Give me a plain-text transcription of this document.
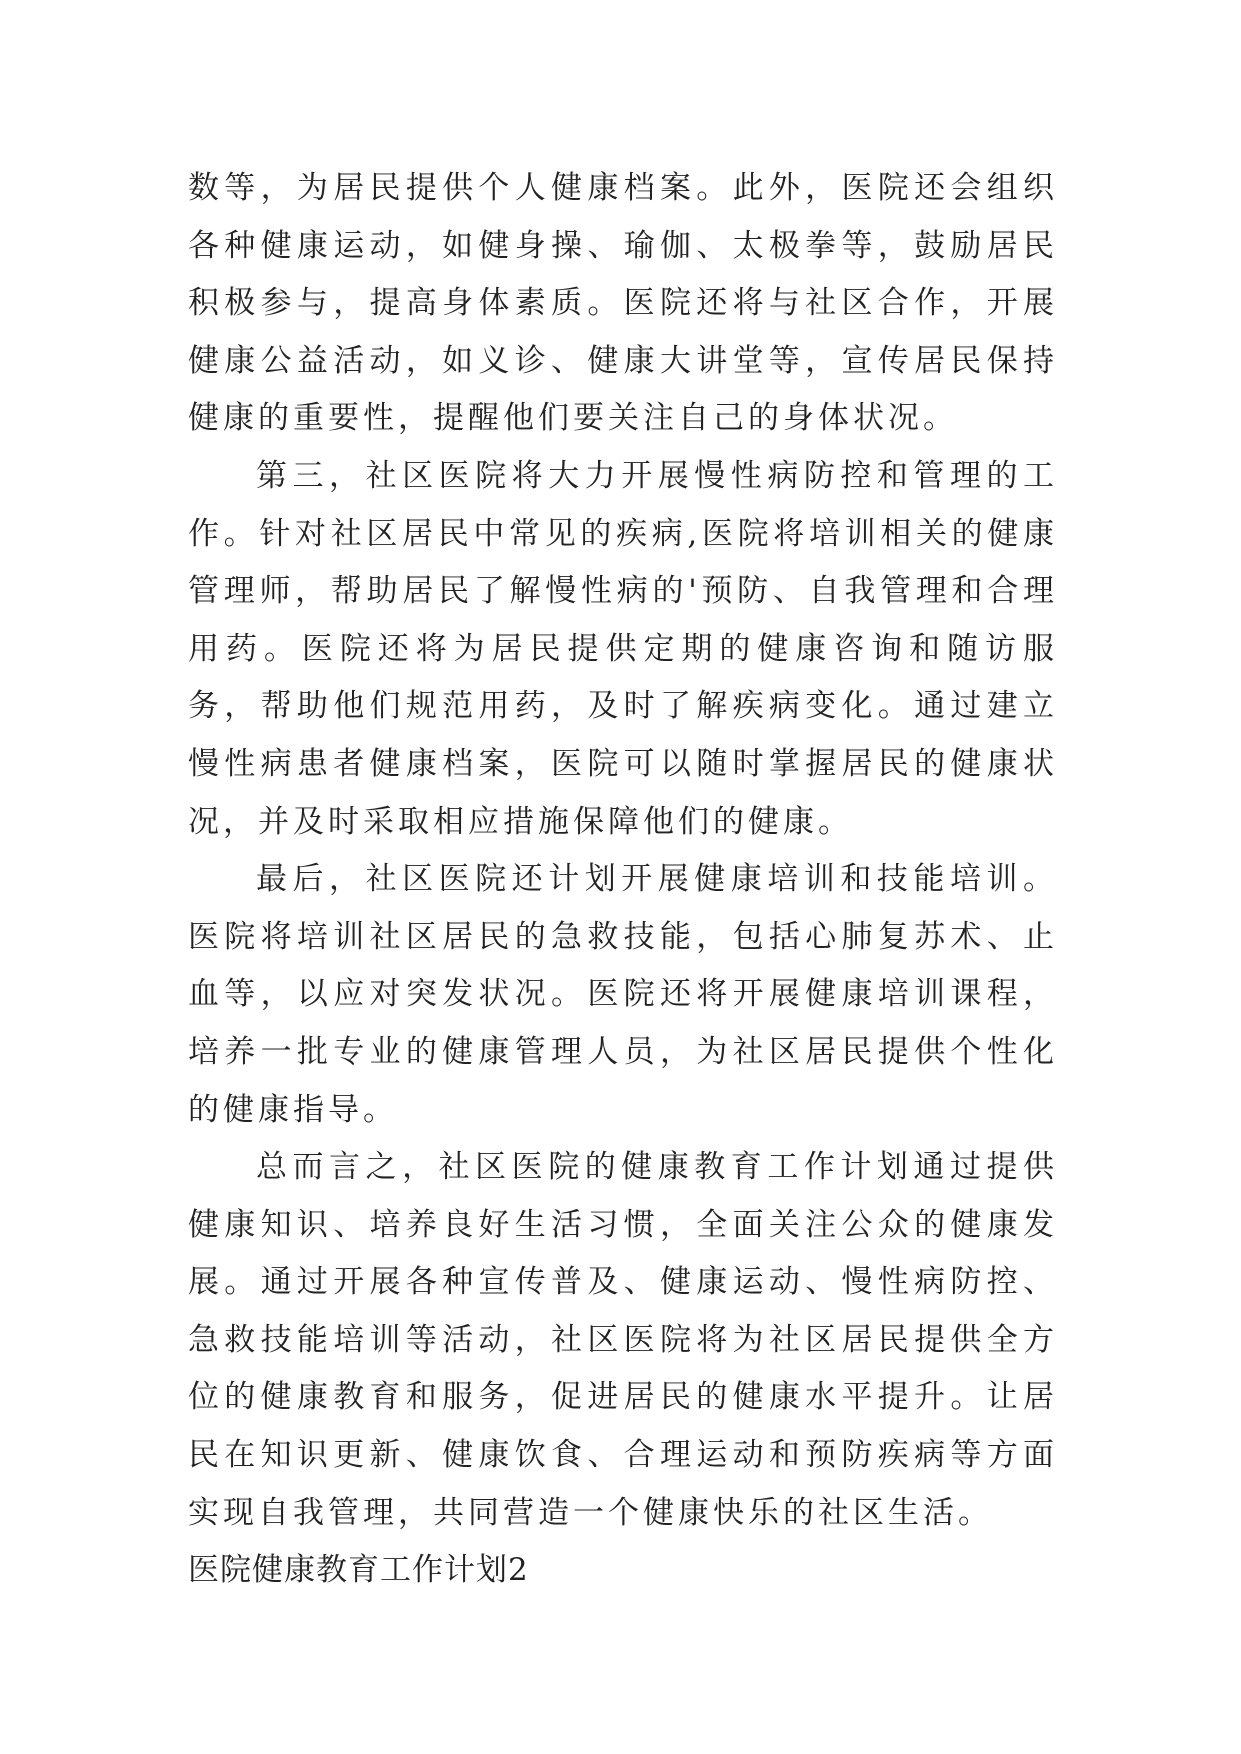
数等，为居民提供个人健康档案。此外，医院还会组织各种健康运动，如健身操、瑜伽、太极拳等，鼓励居民积极参与，提高身体素质。医院还将与社区合作，开展健康公益活动，如义诊、健康大讲堂等，宣传居民保持健康的重要性，提醒他们要关注自己的身体状况。

第三，社区医院将大力开展慢性病防控和管理的工作。针对社区居民中常见的疾病,医院将培训相关的健康管理师，帮助居民了解慢性病的'预防、自我管理和合理用药。医院还将为居民提供定期的健康咨询和随访服务，帮助他们规范用药，及时了解疾病变化。通过建立慢性病患者健康档案，医院可以随时掌握居民的健康状况，并及时采取相应措施保障他们的健康。

最后，社区医院还计划开展健康培训和技能培训。医院将培训社区居民的急救技能，包括心肺复苏术、止血等，以应对突发状况。医院还将开展健康培训课程，培养一批专业的健康管理人员，为社区居民提供个性化的健康指导。

总而言之，社区医院的健康教育工作计划通过提供健康知识、培养良好生活习惯，全面关注公众的健康发展。通过开展各种宣传普及、健康运动、慢性病防控、急救技能培训等活动，社区医院将为社区居民提供全方位的健康教育和服务，促进居民的健康水平提升。让居民在知识更新、健康饮食、合理运动和预防疾病等方面实现自我管理，共同营造一个健康快乐的社区生活。

医院健康教育工作计划2
